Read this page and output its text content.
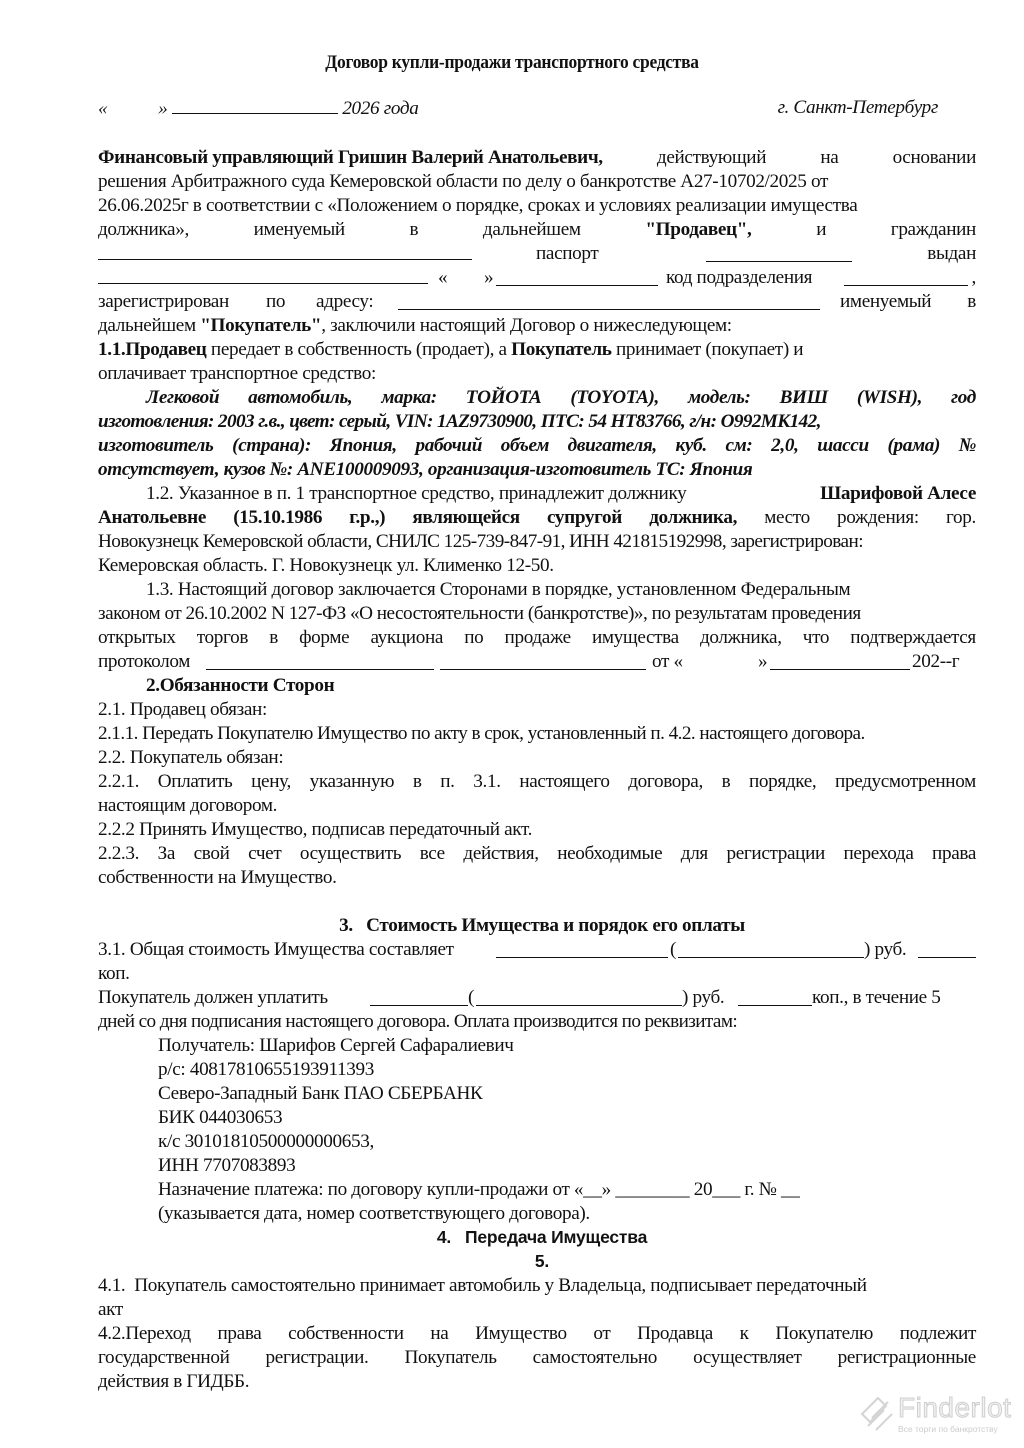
Договор купли-продажи транспортного средства
«	»	2026 года	г. Санкт-Петербург
Финансовый управляющий Гришин Валерий Анатольевич,	действующий	на	основании
решения Арбитражного суда Кемеровской области по делу о банкротстве А27-10702/2025 от
26.06.2025г в соответствии с «Положением о порядке, сроках и условиях реализации имущества
должника»,	именуемый	в	дальнейшем	"Продавец",	и	гражданин
паспорт	выдан
« »	код подразделения	,
зарегистрирован по адресу:	именуемый в
дальнейшем "Покупатель", заключили настоящий Договор о нижеследующем:
1.1.Продавец передает в собственность (продает), а Покупатель принимает (покупает) и
оплачивает транспортное средство:
Легковой автомобиль, марка: ТОЙОТА (TOYOTA), модель: ВИШ (WISH), год
изготовления: 2003 г.в., цвет: серый, VIN: 1AZ9730900, ПТС: 54 НТ83766, г/н: О992МК142,
изготовитель (страна): Япония, рабочий объем двигателя, куб. см: 2,0, шасси (рама) №
отсутствует, кузов №: ANE100009093, организация-изготовитель ТС: Япония
1.2. Указанное в п. 1 транспортное средство, принадлежит должнику	Шарифовой Алесе
Анатольевне (15.10.1986 г.р.,) являющейся супругой должника, место рождения: гор.
Новокузнецк Кемеровской области, СНИЛС 125-739-847-91, ИНН 421815192998, зарегистрирован:
Кемеровская область. Г. Новокузнецк ул. Клименко 12-50.
1.3. Настоящий договор заключается Сторонами в порядке, установленном Федеральным
законом от 26.10.2002 N 127-ФЗ «О несостоятельности (банкротстве)», по результатам проведения
открытых торгов в форме аукциона по продаже имущества должника, что подтверждается
протоколом	от «	»	202--г
2.Обязанности Сторон
2.1. Продавец обязан:
2.1.1. Передать Покупателю Имущество по акту в срок, установленный п. 4.2. настоящего договора.
2.2. Покупатель обязан:
2.2.1. Оплатить цену, указанную в п. 3.1. настоящего договора, в порядке, предусмотренном
настоящим договором.
2.2.2 Принять Имущество, подписав передаточный акт.
2.2.3. За свой счет осуществить все действия, необходимые для регистрации перехода права
собственности на Имущество.
3.   Стоимость Имущества и порядок его оплаты
3.1. Общая стоимость Имущества составляет	(	) руб.
коп.
Покупатель должен уплатить	(	) руб.	коп., в течение 5
дней со дня подписания настоящего договора. Оплата производится по реквизитам:
Получатель: Шарифов Сергей Сафаралиевич
р/с: 40817810655193911393
Северо-Западный Банк ПАО СБЕРБАНК
БИК 044030653
к/с 30101810500000000653,
ИНН 7707083893
Назначение платежа: по договору купли-продажи от «__» ________ 20___ г. № __
(указывается дата, номер соответствующего договора).
4.   Передача Имущества
5.
4.1.  Покупатель самостоятельно принимает автомобиль у Владельца, подписывает передаточный
акт
4.2.Переход права собственности на Имущество от Продавца к Покупателю подлежит
государственной регистрации. Покупатель самостоятельно осуществляет регистрационные
действия в ГИДББ.
Finderlot
Все торги по банкротству
